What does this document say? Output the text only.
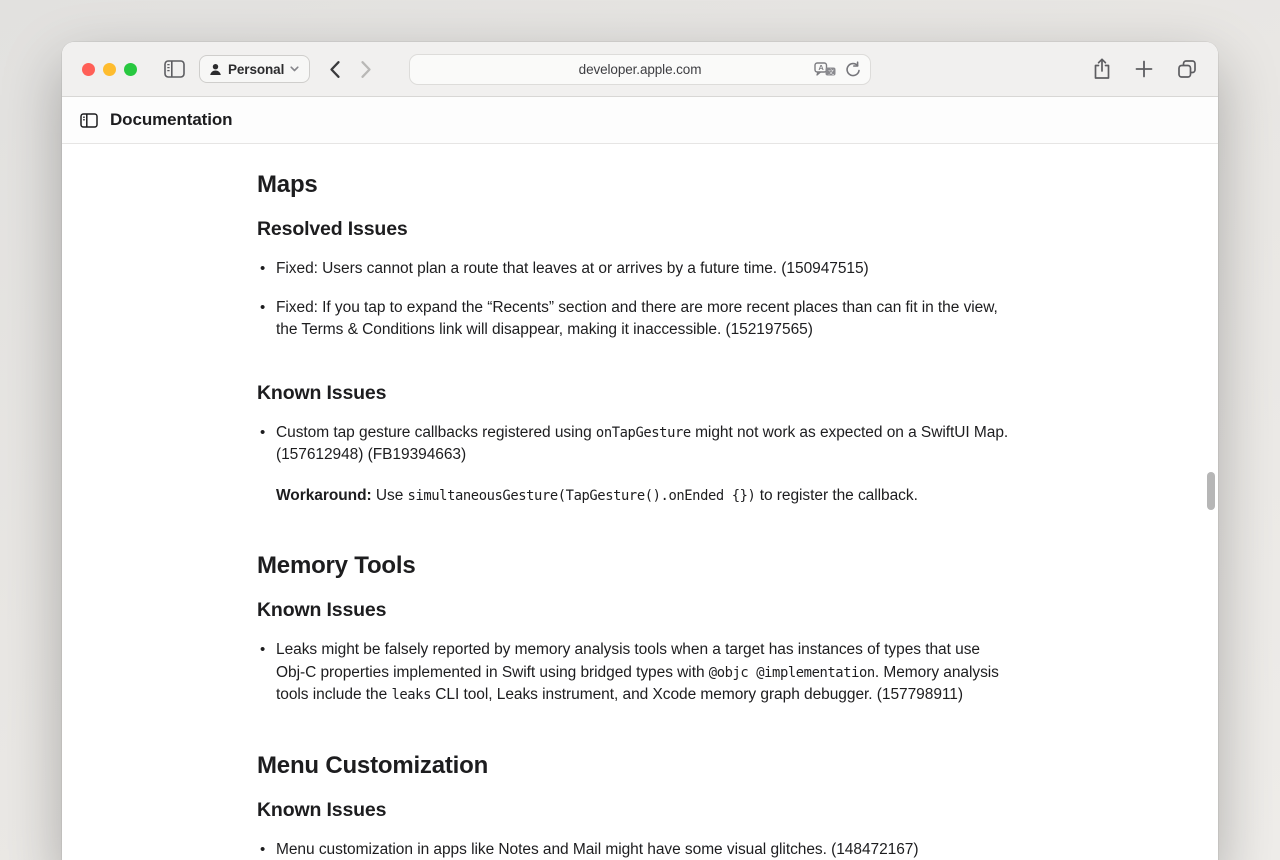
Personal	developer.apple.com	A 文
Documentation
Maps
Resolved Issues
• Fixed: Users cannot plan a route that leaves at or arrives by a future time. (150947515)
• Fixed: If you tap to expand the “Recents” section and there are more recent places than can fit in the view, the Terms & Conditions link will disappear, making it inaccessible. (152197565)
Known Issues

• Custom tap gesture callbacks registered using onTapGesture might not work as expected on a SwiftUI Map. (157612948) (FB19394663)

Workaround: Use simultaneousGesture(TapGesture().onEnded {}) to register the callback.

Memory Tools
Known Issues
• Leaks might be falsely reported by memory analysis tools when a target has instances of types that use Obj-C properties implemented in Swift using bridged types with @objc @implementation. Memory analysis tools include the leaks CLI tool, Leaks instrument, and Xcode memory graph debugger. (157798911)
Menu Customization
Known Issues
• Menu customization in apps like Notes and Mail might have some visual glitches. (148472167)
